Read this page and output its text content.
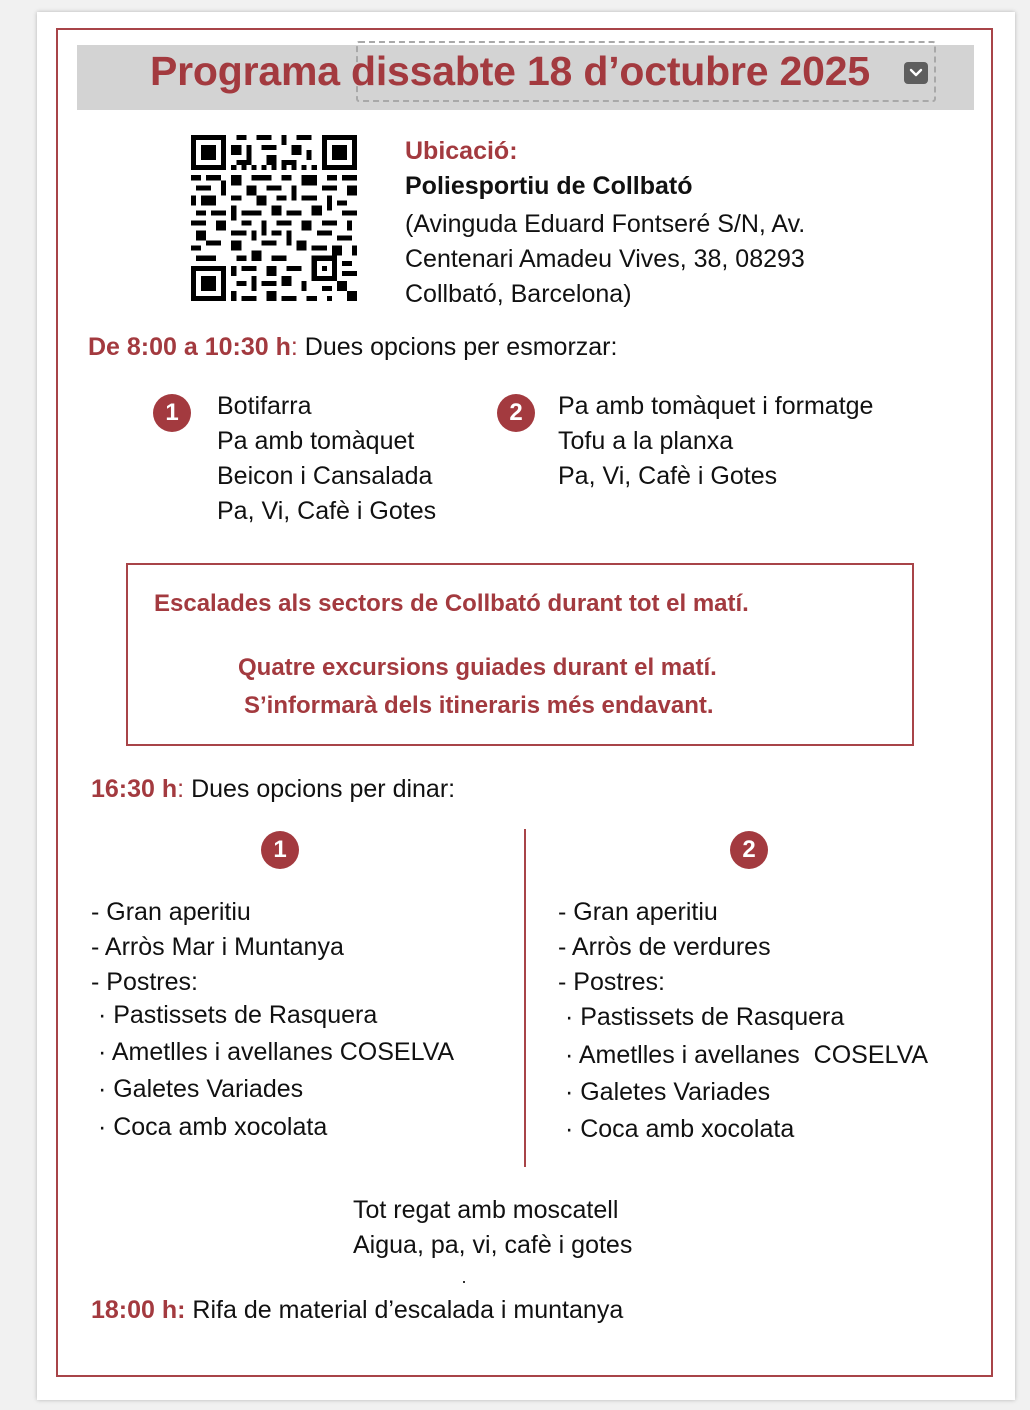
Programa dissabte 18 d’octubre 2025
Ubicació:
Poliesportiu de Collbató
(Avinguda Eduard Fontseré S/N, Av.
Centenari Amadeu Vives, 38, 08293
Collbató, Barcelona)
De 8:00 a 10:30 h: Dues opcions per esmorzar:
1	Botifarra
Pa amb tomàquet
Beicon i Cansalada
Pa, Vi, Cafè i Gotes
2	Pa amb tomàquet i formatge
Tofu a la planxa
Pa, Vi, Cafè i Gotes
Escalades als sectors de Collbató durant tot el matí.
Quatre excursions guiades durant el matí.
S’informarà dels itineraris més endavant.
16:30 h: Dues opcions per dinar:
1	2
- Gran aperitiu
- Arròs Mar i Muntanya
- Postres:
· Pastissets de Rasquera
· Ametlles i avellanes COSELVA
· Galetes Variades
· Coca amb xocolata
- Gran aperitiu
- Arròs de verdures
- Postres:
· Pastissets de Rasquera
· Ametlles i avellanes  COSELVA
· Galetes Variades
· Coca amb xocolata
Tot regat amb moscatell
Aigua, pa, vi, cafè i gotes
18:00 h: Rifa de material d’escalada i muntanya
